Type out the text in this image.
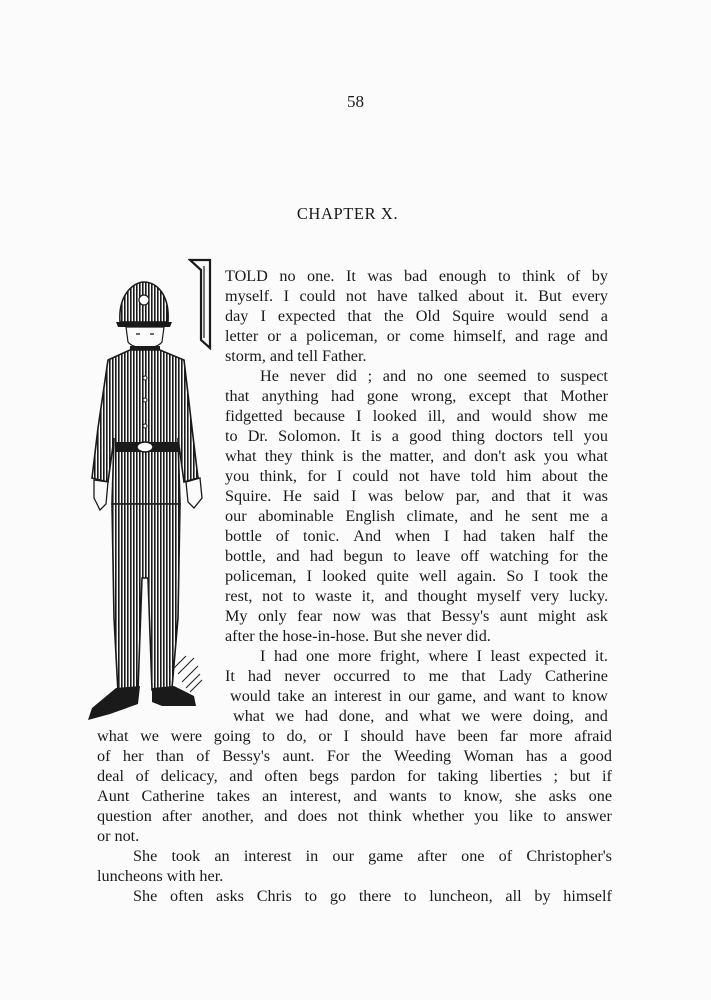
58
CHAPTER X.
TOLD no one. It was bad enough to think of by
myself. I could not have talked about it. But every
day I expected that the Old Squire would send a
letter or a policeman, or come himself, and rage and
storm, and tell Father.
He never did ; and no one seemed to suspect
that anything had gone wrong, except that Mother
fidgetted because I looked ill, and would show me
to Dr. Solomon. It is a good thing doctors tell you
what they think is the matter, and don't ask you what
you think, for I could not have told him about the
Squire. He said I was below par, and that it was
our abominable English climate, and he sent me a
bottle of tonic. And when I had taken half the
bottle, and had begun to leave off watching for the
policeman, I looked quite well again. So I took the
rest, not to waste it, and thought myself very lucky.
My only fear now was that Bessy's aunt might ask
after the hose-in-hose. But she never did.
I had one more fright, where I least expected it.
It had never occurred to me that Lady Catherine
would take an interest in our game, and want to know
what we had done, and what we were doing, and
what we were going to do, or I should have been far more afraid
of her than of Bessy's aunt. For the Weeding Woman has a good
deal of delicacy, and often begs pardon for taking liberties ; but if
Aunt Catherine takes an interest, and wants to know, she asks one
question after another, and does not think whether you like to answer
or not.
She took an interest in our game after one of Christopher's
luncheons with her.
She often asks Chris to go there to luncheon, all by himself
